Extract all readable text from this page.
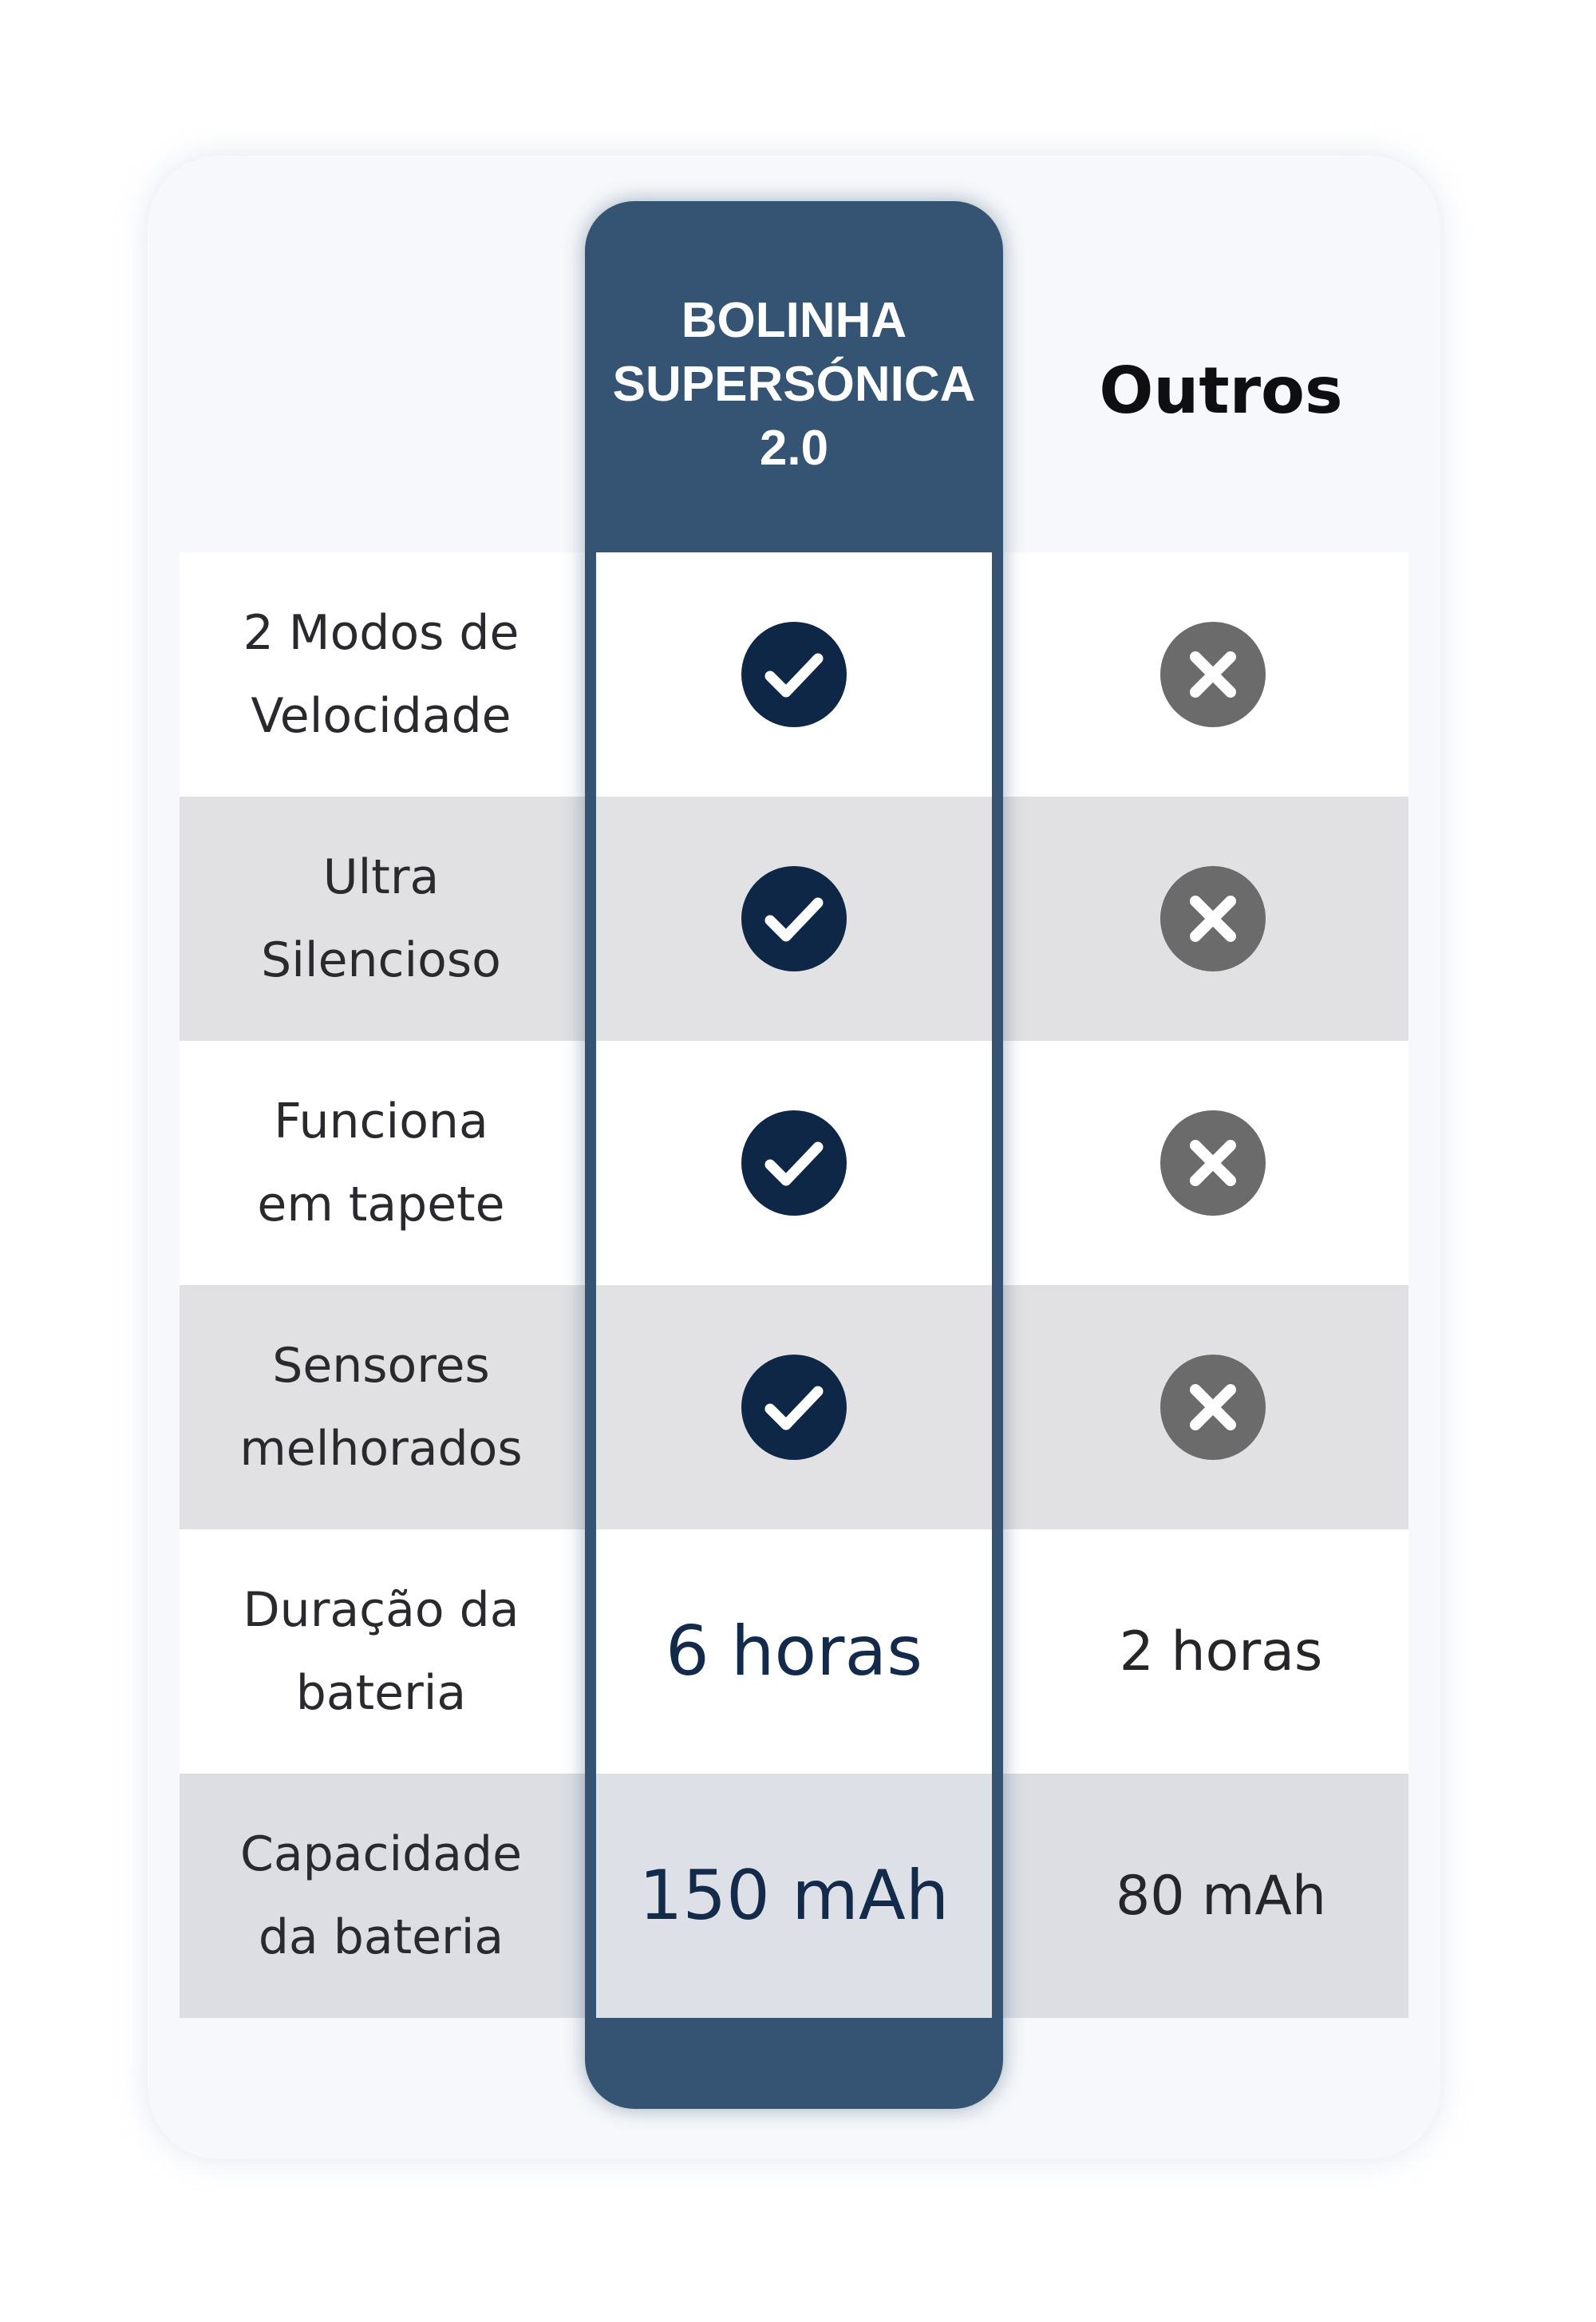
BOLINHA
SUPERSÓNICA
2.0
Outros
2 Modos de
Velocidade
Ultra
Silencioso
Funciona
em tapete
Sensores
melhorados
Duração da
bateria
Capacidade
da bateria
6 horas	2 horas
150 mAh	80 mAh
